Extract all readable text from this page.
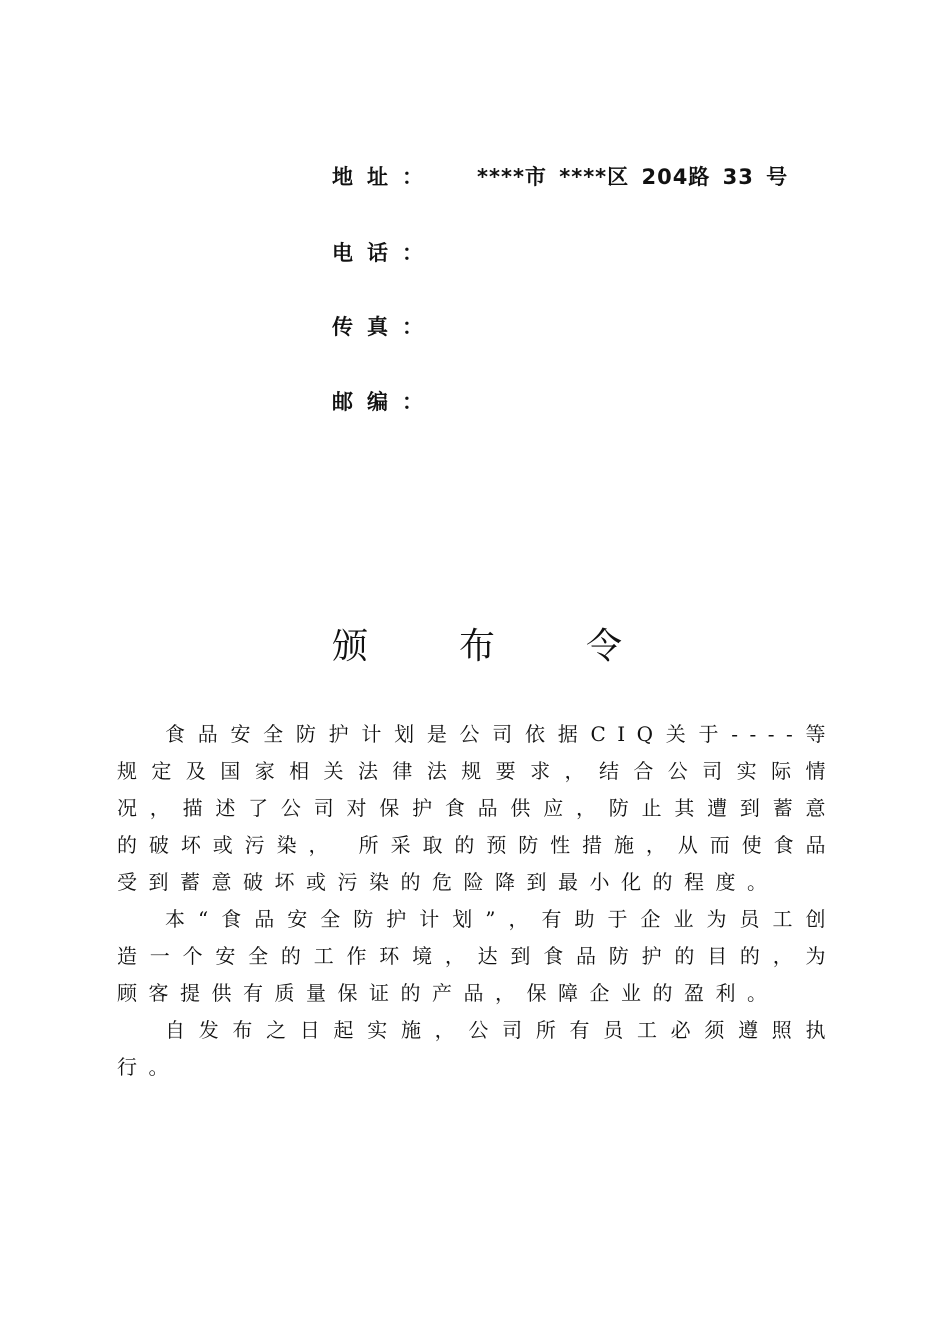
地址： ****市 ****区 204路 33 号
电话：
传真：
邮编：
颁	布	令

食品安全防护计划是公司依据CIQ关于----等规定及国家相关法律法规要求，结合公司实际情况，描述了公司对保护食品供应，防止其遭到蓄意的破坏或污染， 所采取的预防性措施，从而使食品受到蓄意破坏或污染的危险降到最小化的程度。

本“食品安全防护计划”，有助于企业为员工创造一个安全的工作环境，达到食品防护的目的，为顾客提供有质量保证的产品，保障企业的盈利。

自发布之日起实施，公司所有员工必须遵照执行。
